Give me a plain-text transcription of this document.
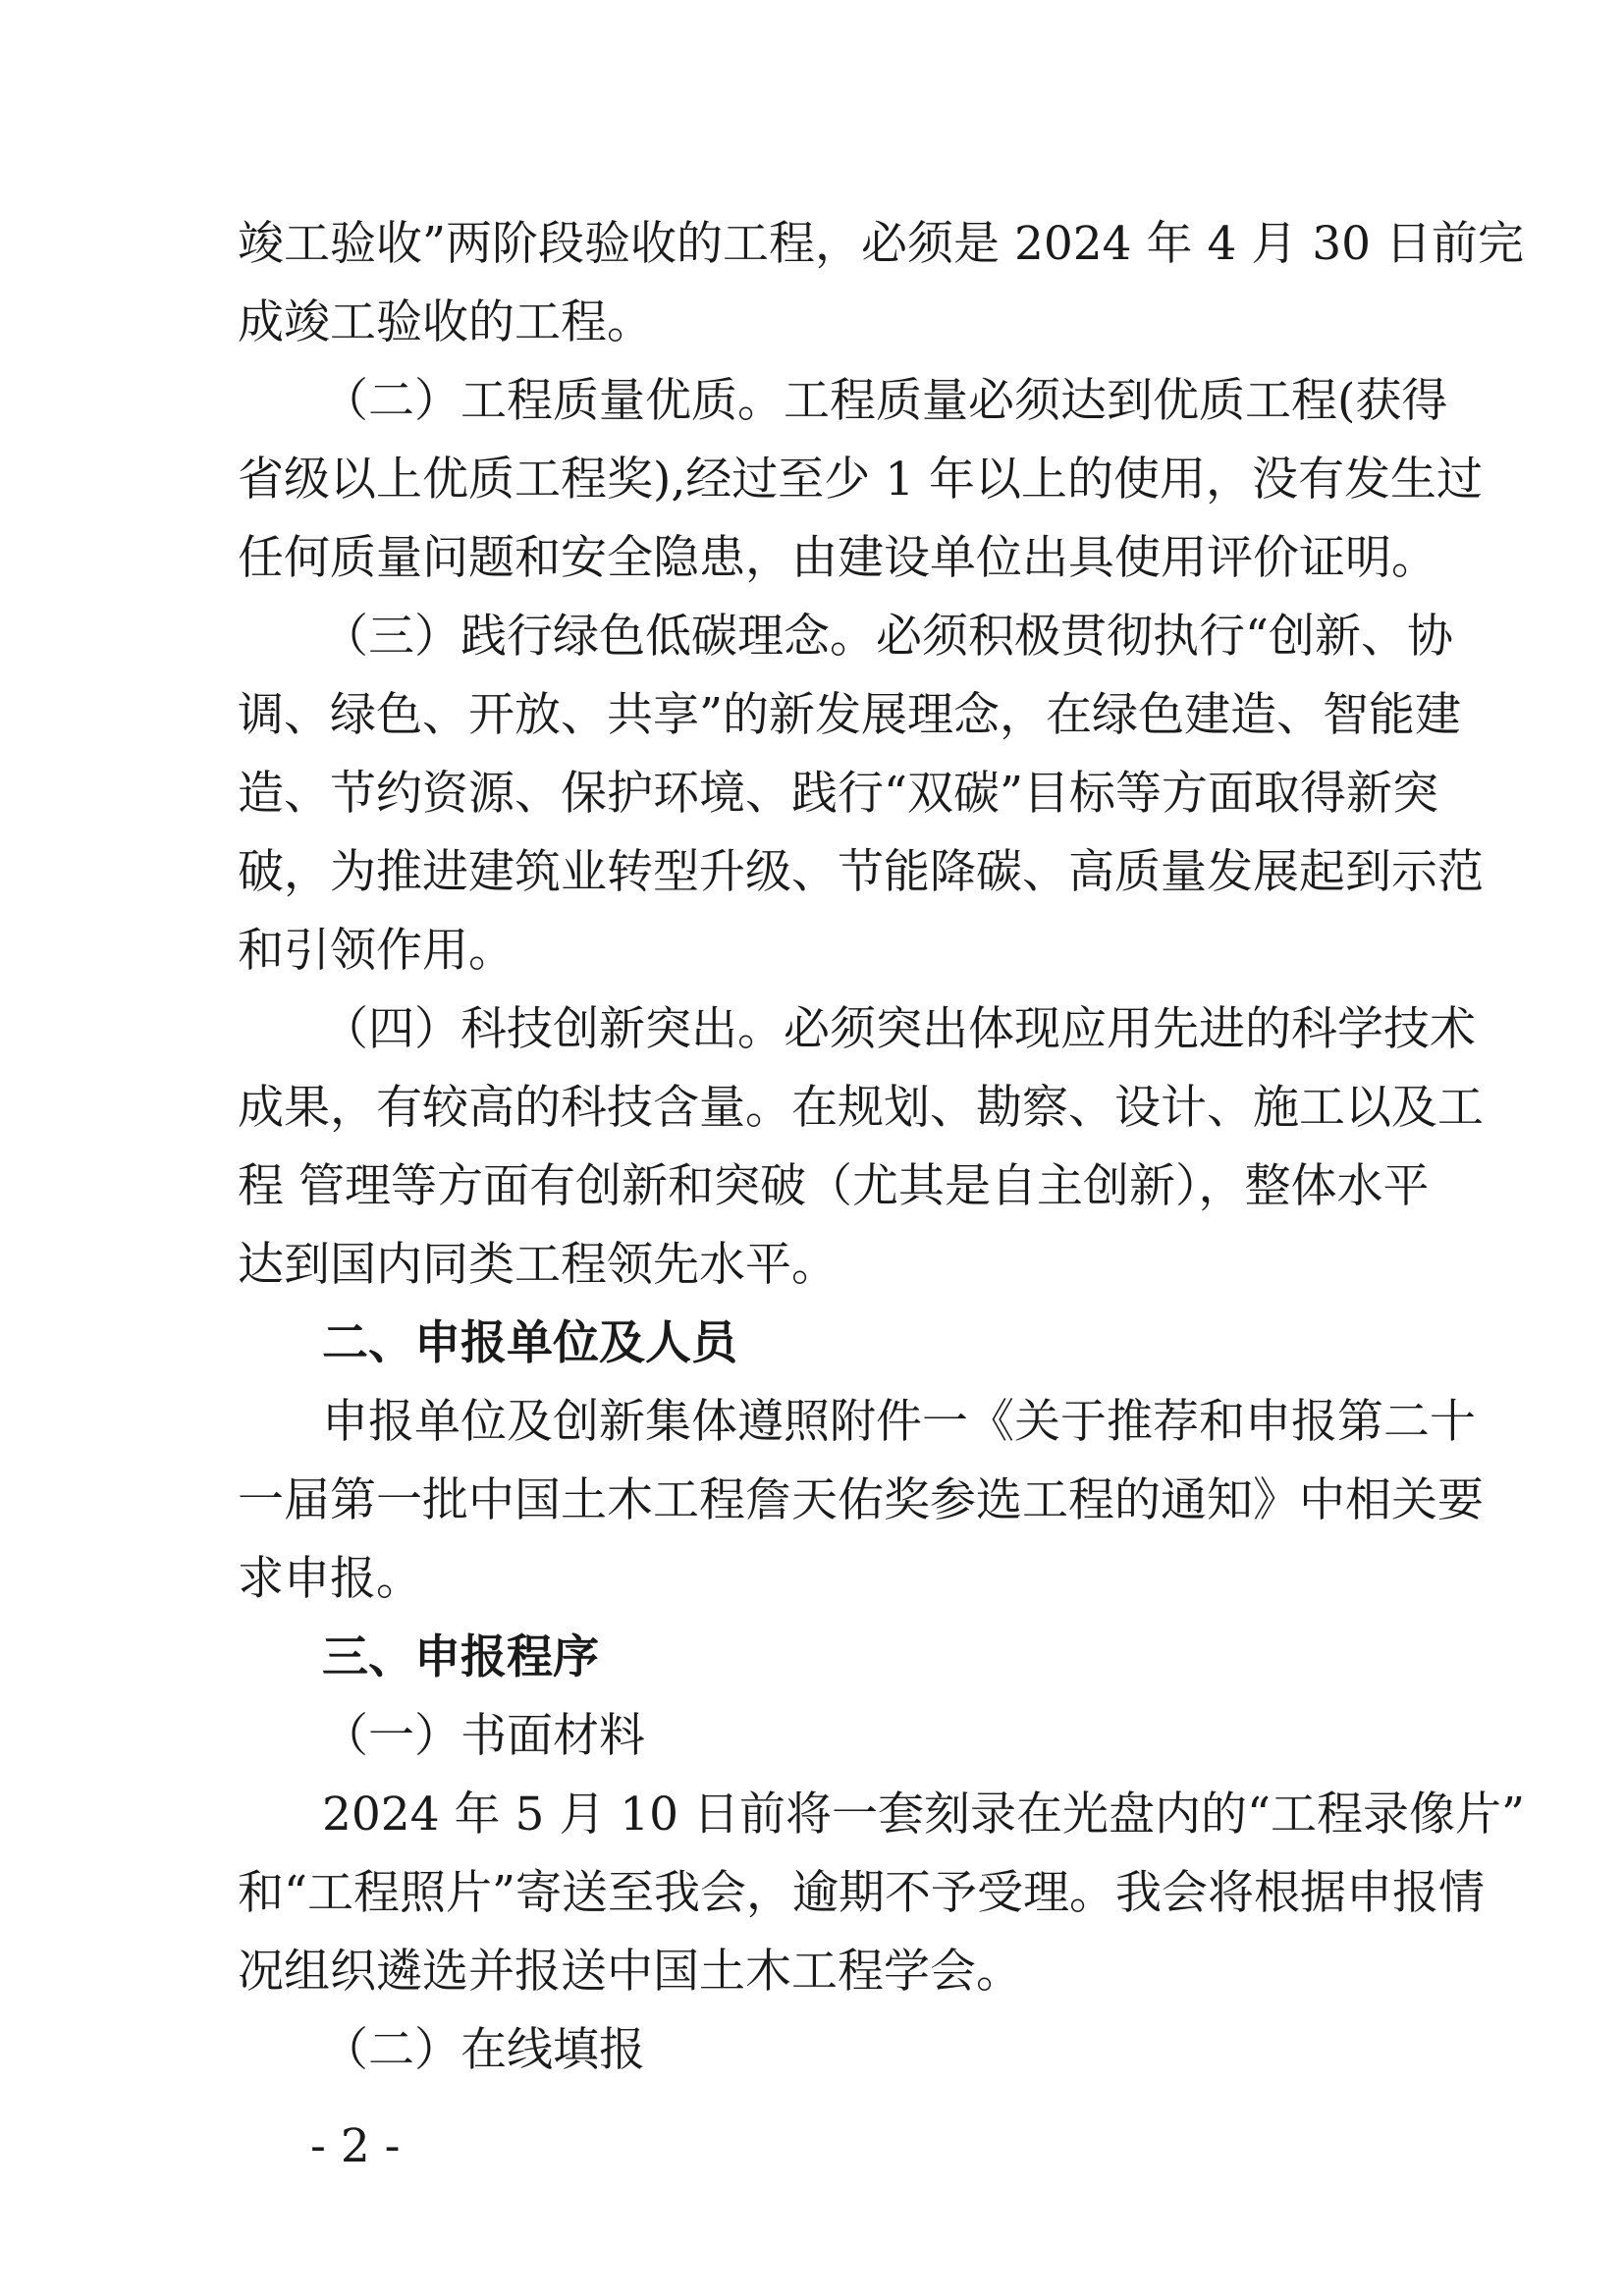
竣工验收”两阶段验收的工程，必须是 2024 年 4 月 30 日前完
成竣工验收的工程。
（二）工程质量优质。工程质量必须达到优质工程(获得
省级以上优质工程奖),经过至少 1 年以上的使用，没有发生过
任何质量问题和安全隐患，由建设单位出具使用评价证明。
（三）践行绿色低碳理念。必须积极贯彻执行“创新、协
调、绿色、开放、共享”的新发展理念，在绿色建造、智能建
造、节约资源、保护环境、践行“双碳”目标等方面取得新突
破，为推进建筑业转型升级、节能降碳、高质量发展起到示范
和引领作用。
（四）科技创新突出。必须突出体现应用先进的科学技术
成果，有较高的科技含量。在规划、勘察、设计、施工以及工
程 管理等方面有创新和突破（尤其是自主创新），整体水平
达到国内同类工程领先水平。
二、申报单位及人员
申报单位及创新集体遵照附件一《关于推荐和申报第二十
一届第一批中国土木工程詹天佑奖参选工程的通知》中相关要
求申报。
三、申报程序
（一）书面材料
2024 年 5 月 10 日前将一套刻录在光盘内的“工程录像片”
和“工程照片”寄送至我会，逾期不予受理。我会将根据申报情
况组织遴选并报送中国土木工程学会。
（二）在线填报
- 2 -
